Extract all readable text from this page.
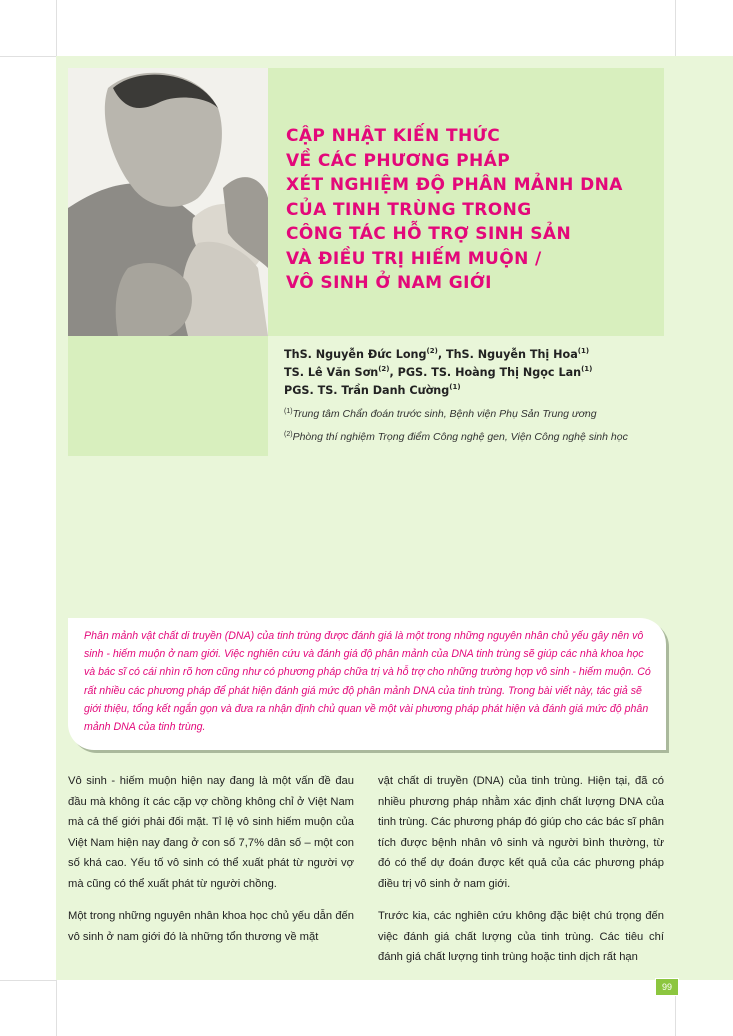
CẬP NHẬT KIẾN THỨC
VỀ CÁC PHƯƠNG PHÁP
XÉT NGHIỆM ĐỘ PHÂN MẢNH DNA
CỦA TINH TRÙNG TRONG
CÔNG TÁC HỖ TRỢ SINH SẢN
VÀ ĐIỀU TRỊ HIẾM MUỘN /
VÔ SINH Ở NAM GIỚI
ThS. Nguyễn Đức Long$^{(2)}$, ThS. Nguyễn Thị Hoa$^{(1)}$
TS. Lê Văn Sơn$^{(2)}$, PGS. TS. Hoàng Thị Ngọc Lan$^{(1)}$
PGS. TS. Trần Danh Cường$^{(1)}$
$^{(1)}$Trung tâm Chẩn đoán trước sinh, Bệnh viện Phụ Sản Trung ương
$^{(2)}$Phòng thí nghiệm Trọng điểm Công nghệ gen, Viện Công nghệ sinh học

Phân mảnh vật chất di truyền (DNA) của tinh trùng được đánh giá là một trong những nguyên nhân chủ yếu gây nên vô sinh - hiếm muộn ở nam giới. Việc nghiên cứu và đánh giá độ phân mảnh của DNA tinh trùng sẽ giúp các nhà khoa học và bác sĩ có cái nhìn rõ hơn cũng như có phương pháp chữa trị và hỗ trợ cho những trường hợp vô sinh - hiếm muộn. Có rất nhiều các phương pháp để phát hiện đánh giá mức độ phân mảnh DNA của tinh trùng. Trong bài viết này, tác giả sẽ giới thiệu, tổng kết ngắn gọn và đưa ra nhận định chủ quan về một vài phương pháp phát hiện và đánh giá mức độ phân mảnh DNA của tinh trùng.

Vô sinh - hiếm muộn hiện nay đang là một vấn đề đau đầu mà không ít các cặp vợ chồng không chỉ ở Việt Nam mà cả thế giới phải đối mặt. Tỉ lệ vô sinh hiếm muộn của Việt Nam hiện nay đang ở con số 7,7% dân số – một con số khá cao. Yếu tố vô sinh có thể xuất phát từ người vợ mà cũng có thể xuất phát từ người chồng.

Một trong những nguyên nhân khoa học chủ yếu dẫn đến vô sinh ở nam giới đó là những tổn thương về mặt

vật chất di truyền (DNA) của tinh trùng. Hiện tại, đã có nhiều phương pháp nhằm xác định chất lượng DNA của tinh trùng. Các phương pháp đó giúp cho các bác sĩ phân tích được bệnh nhân vô sinh và người bình thường, từ đó có thể dự đoán được kết quả của các phương pháp điều trị vô sinh ở nam giới.

Trước kia, các nghiên cứu không đặc biệt chú trọng đến việc đánh giá chất lượng của tinh trùng. Các tiêu chí đánh giá chất lượng tinh trùng hoặc tinh dịch rất hạn

Y HỌC SINH SẢN	99
